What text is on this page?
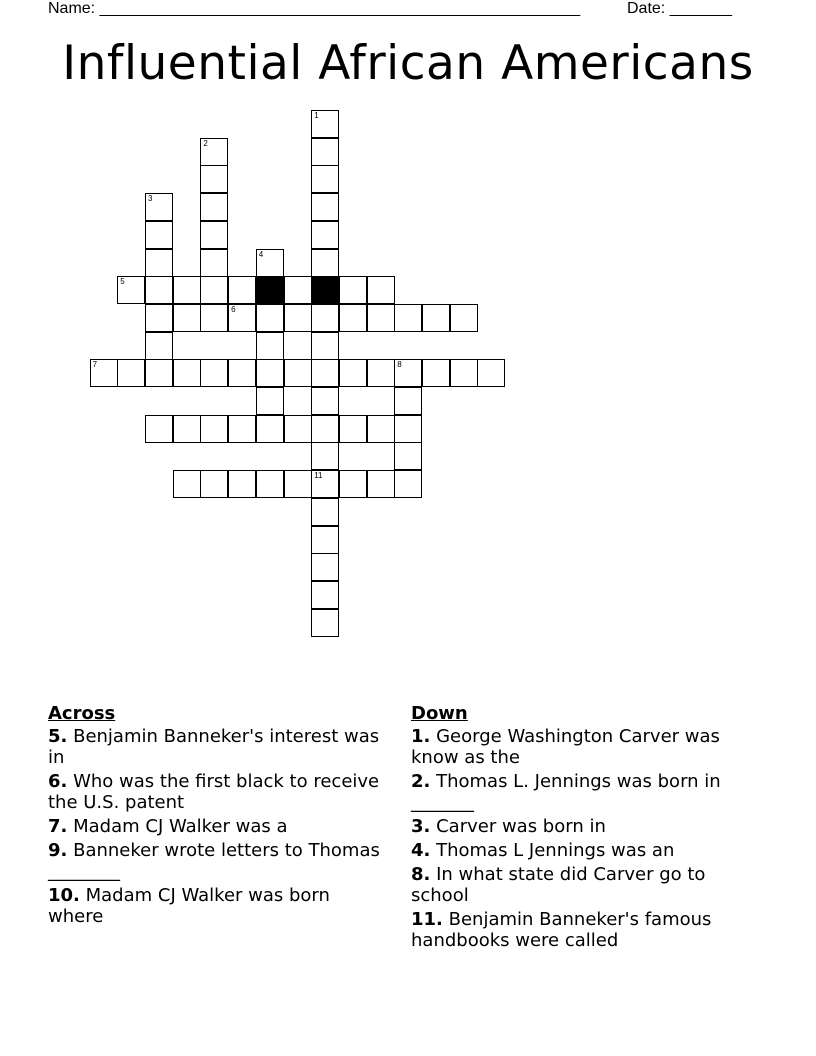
Name: ______________________________________________________	Date: _______
Influential African Americans
1
11
2
3
4
5
6
7	8
Across
5. Benjamin Banneker's interest was in
6. Who was the first black to receive the U.S. patent
7. Madam CJ Walker was a
9. Banneker wrote letters to Thomas ________
10. Madam CJ Walker was born where
Down
1. George Washington Carver was know as the
2. Thomas L. Jennings was born in _______
3. Carver was born in
4. Thomas L Jennings was an
8. In what state did Carver go to school
11. Benjamin Banneker's famous handbooks were called
